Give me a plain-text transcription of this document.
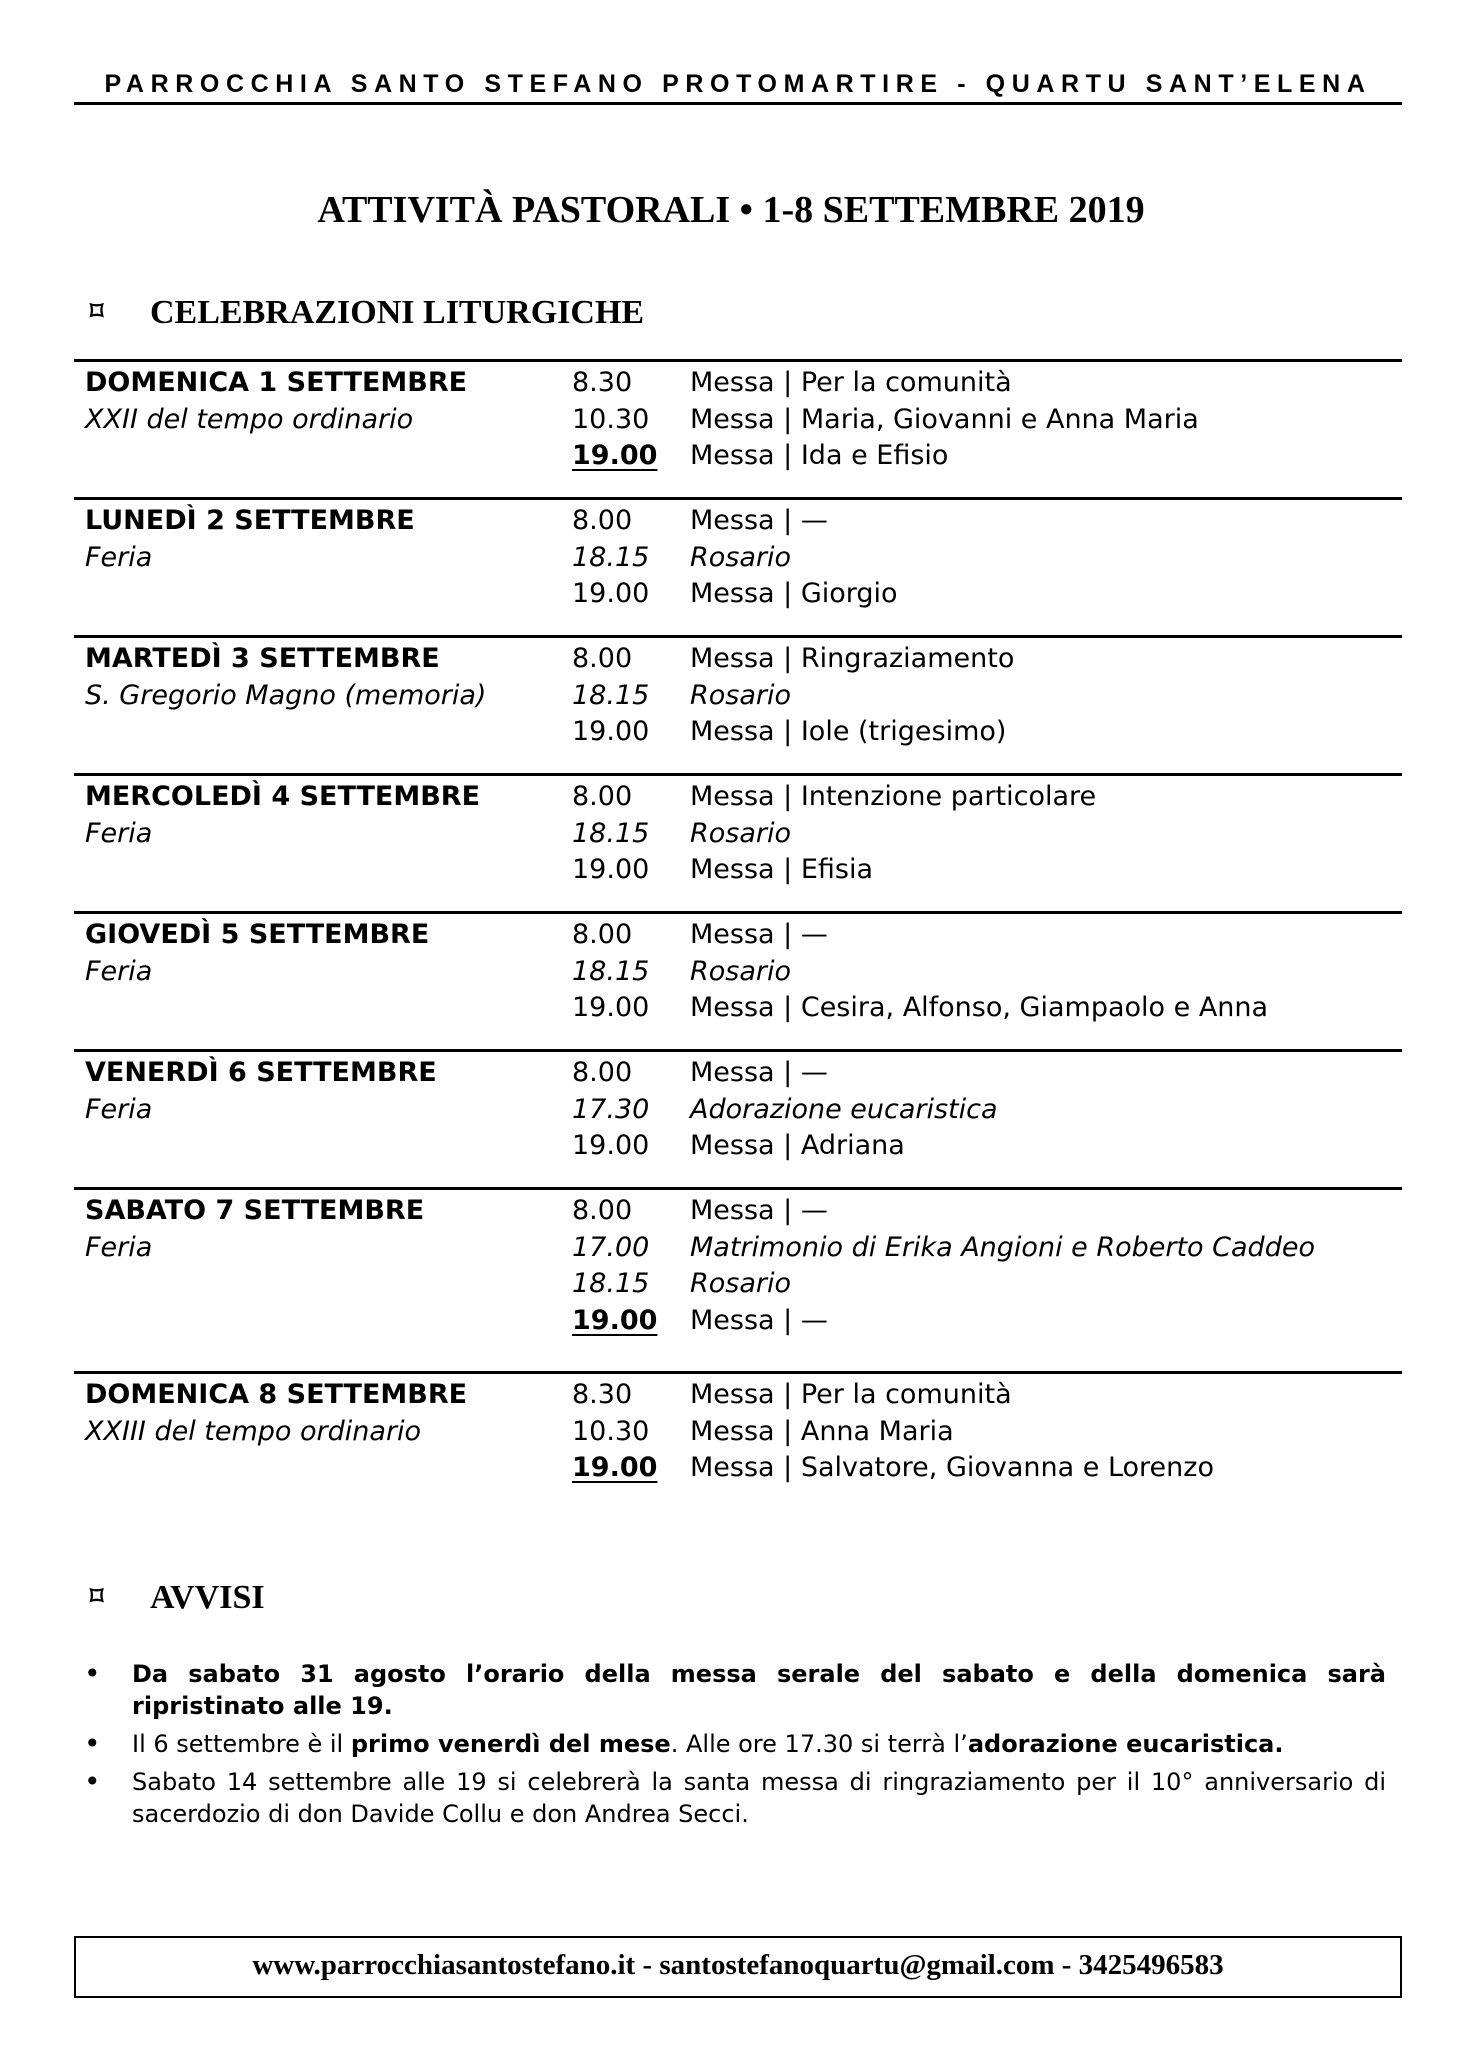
PARROCCHIA SANTO STEFANO PROTOMARTIRE - QUARTU SANT’ELENA
ATTIVITÀ PASTORALI • 1-8 SETTEMBRE 2019
⌑ CELEBRAZIONI LITURGICHE
DOMENICA 1 SETTEMBRE
XXII del tempo ordinario
8.30 Messa | Per la comunità
10.30 Messa | Maria, Giovanni e Anna Maria
19.00 Messa | Ida e Efisio
LUNEDÌ 2 SETTEMBRE
Feria
8.00 Messa | —
18.15 Rosario
19.00 Messa | Giorgio
MARTEDÌ 3 SETTEMBRE
S. Gregorio Magno (memoria)
8.00 Messa | Ringraziamento
18.15 Rosario
19.00 Messa | Iole (trigesimo)
MERCOLEDÌ 4 SETTEMBRE
Feria
8.00 Messa | Intenzione particolare
18.15 Rosario
19.00 Messa | Efisia
GIOVEDÌ 5 SETTEMBRE
Feria
8.00 Messa | —
18.15 Rosario
19.00 Messa | Cesira, Alfonso, Giampaolo e Anna
VENERDÌ 6 SETTEMBRE
Feria
8.00 Messa | —
17.30 Adorazione eucaristica
19.00 Messa | Adriana
SABATO 7 SETTEMBRE
Feria
8.00 Messa | —
17.00 Matrimonio di Erika Angioni e Roberto Caddeo
18.15 Rosario
19.00 Messa | —
DOMENICA 8 SETTEMBRE
XXIII del tempo ordinario
8.30 Messa | Per la comunità
10.30 Messa | Anna Maria
19.00 Messa | Salvatore, Giovanna e Lorenzo
⌑ AVVISI
• Da sabato 31 agosto l’orario della messa serale del sabato e della domenica sarà ripristinato alle 19.
• Il 6 settembre è il primo venerdì del mese. Alle ore 17.30 si terrà l’adorazione eucaristica.
• Sabato 14 settembre alle 19 si celebrerà la santa messa di ringraziamento per il 10° anniversario di sacerdozio di don Davide Collu e don Andrea Secci.
www.parrocchiasantostefano.it - santostefanoquartu@gmail.com - 3425496583
